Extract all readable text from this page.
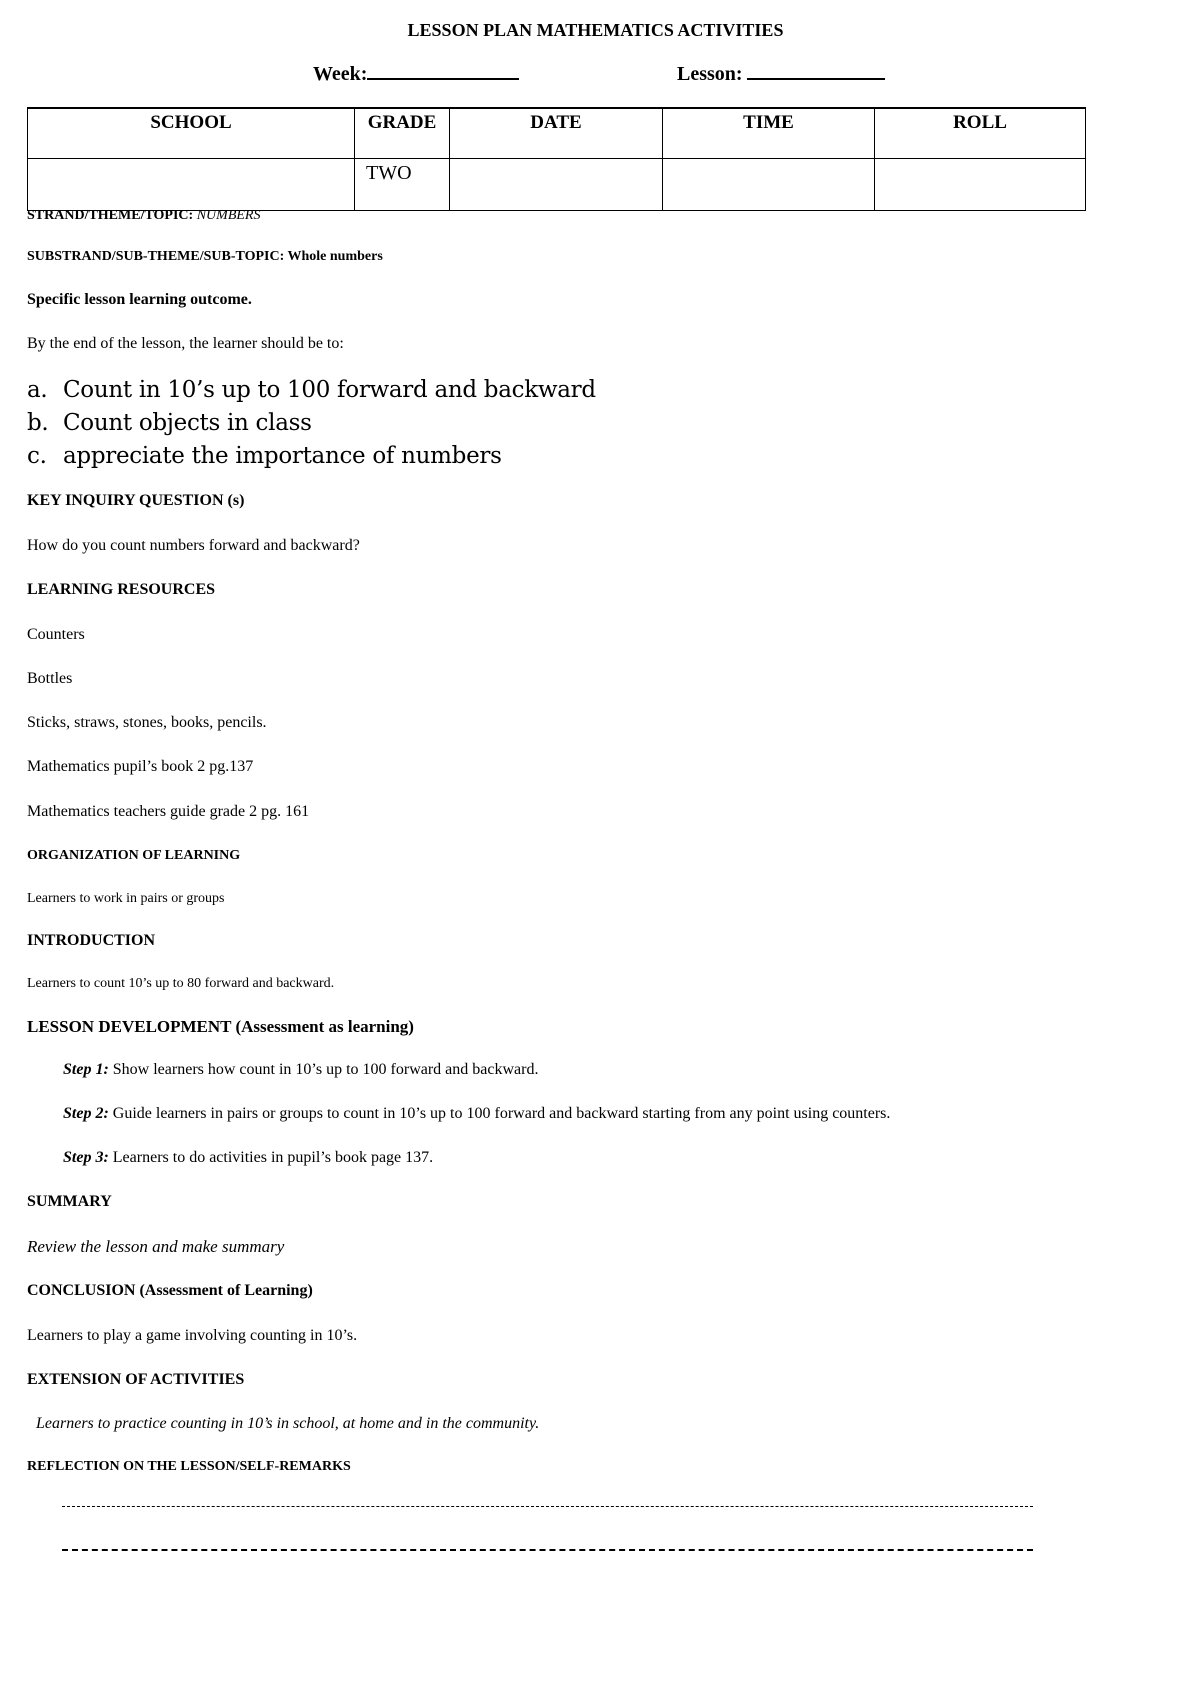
LESSON PLAN MATHEMATICS ACTIVITIES
Week:	Lesson:
SCHOOL	GRADE	DATE	TIME	ROLL
	TWO			
STRAND/THEME/TOPIC: NUMBERS
SUBSTRAND/SUB-THEME/SUB-TOPIC: Whole numbers
Specific lesson learning outcome.
By the end of the lesson, the learner should be to:
a. Count in 10’s up to 100 forward and backward
b. Count objects in class
c. appreciate the importance of numbers
KEY INQUIRY QUESTION (s)
How do you count numbers forward and backward?
LEARNING RESOURCES
Counters
Bottles
Sticks, straws, stones, books, pencils.
Mathematics pupil’s book 2 pg.137
Mathematics teachers guide grade 2 pg. 161
ORGANIZATION OF LEARNING
Learners to work in pairs or groups
INTRODUCTION
Learners to count 10’s up to 80 forward and backward.
LESSON DEVELOPMENT (Assessment as learning)
Step 1: Show learners how count in 10’s up to 100 forward and backward.
Step 2: Guide learners in pairs or groups to count in 10’s up to 100 forward and backward starting from any point using counters.
Step 3: Learners to do activities in pupil’s book page 137.
SUMMARY
Review the lesson and make summary
CONCLUSION (Assessment of Learning)
Learners to play a game involving counting in 10’s.
EXTENSION OF ACTIVITIES
Learners to practice counting in 10’s in school, at home and in the community.
REFLECTION ON THE LESSON/SELF-REMARKS
